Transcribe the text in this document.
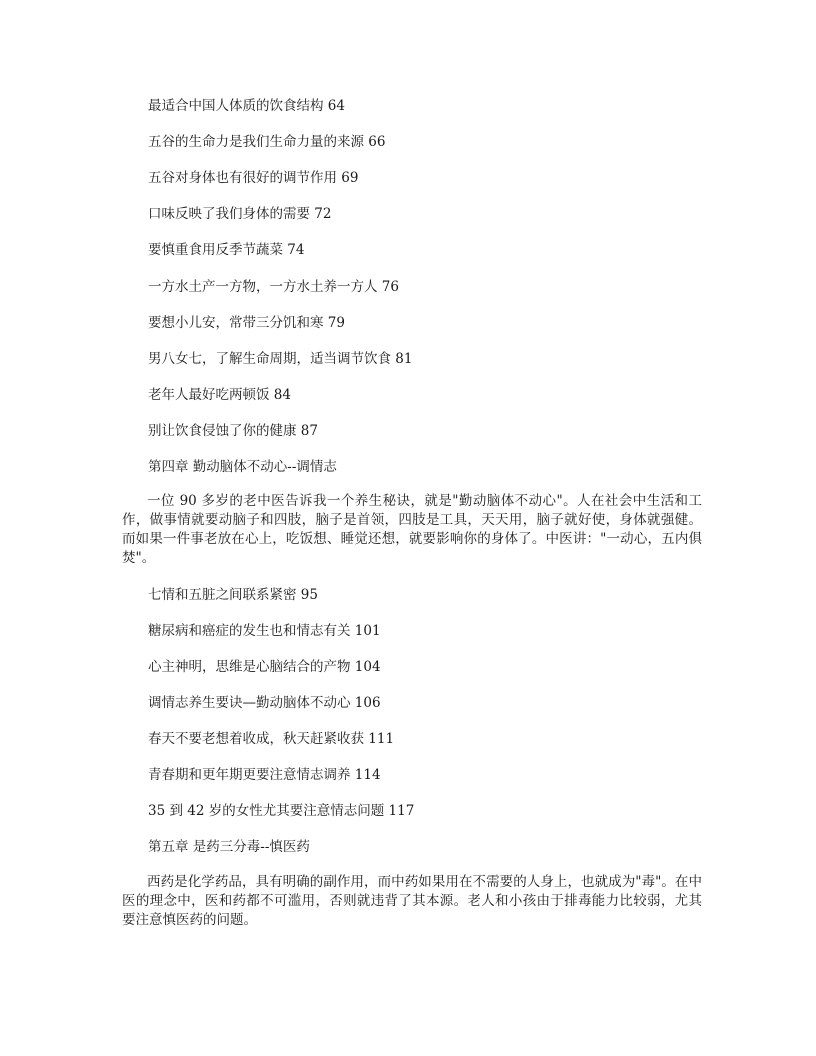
最适合中国人体质的饮食结构 64

五谷的生命力是我们生命力量的来源 66

五谷对身体也有很好的调节作用 69

口味反映了我们身体的需要 72

要慎重食用反季节蔬菜 74

一方水土产一方物，一方水土养一方人 76

要想小儿安，常带三分饥和寒 79

男八女七，了解生命周期，适当调节饮食 81

老年人最好吃两顿饭 84

别让饮食侵蚀了你的健康 87

第四章 勤动脑体不动心--调情志

一位 90 多岁的老中医告诉我一个养生秘诀，就是"勤动脑体不动心"。人在社会中生活和工作，做事情就要动脑子和四肢，脑子是首领，四肢是工具，天天用，脑子就好使，身体就强健。而如果一件事老放在心上，吃饭想、睡觉还想，就要影响你的身体了。中医讲："一动心，五内俱焚"。

七情和五脏之间联系紧密 95

糖尿病和癌症的发生也和情志有关 101

心主神明，思维是心脑结合的产物 104

调情志养生要诀—勤动脑体不动心 106

春天不要老想着收成，秋天赶紧收获 111

青春期和更年期更要注意情志调养 114

35 到 42 岁的女性尤其要注意情志问题 117

第五章 是药三分毒--慎医药

西药是化学药品，具有明确的副作用，而中药如果用在不需要的人身上，也就成为"毒"。在中医的理念中，医和药都不可滥用，否则就违背了其本源。老人和小孩由于排毒能力比较弱，尤其要注意慎医药的问题。
